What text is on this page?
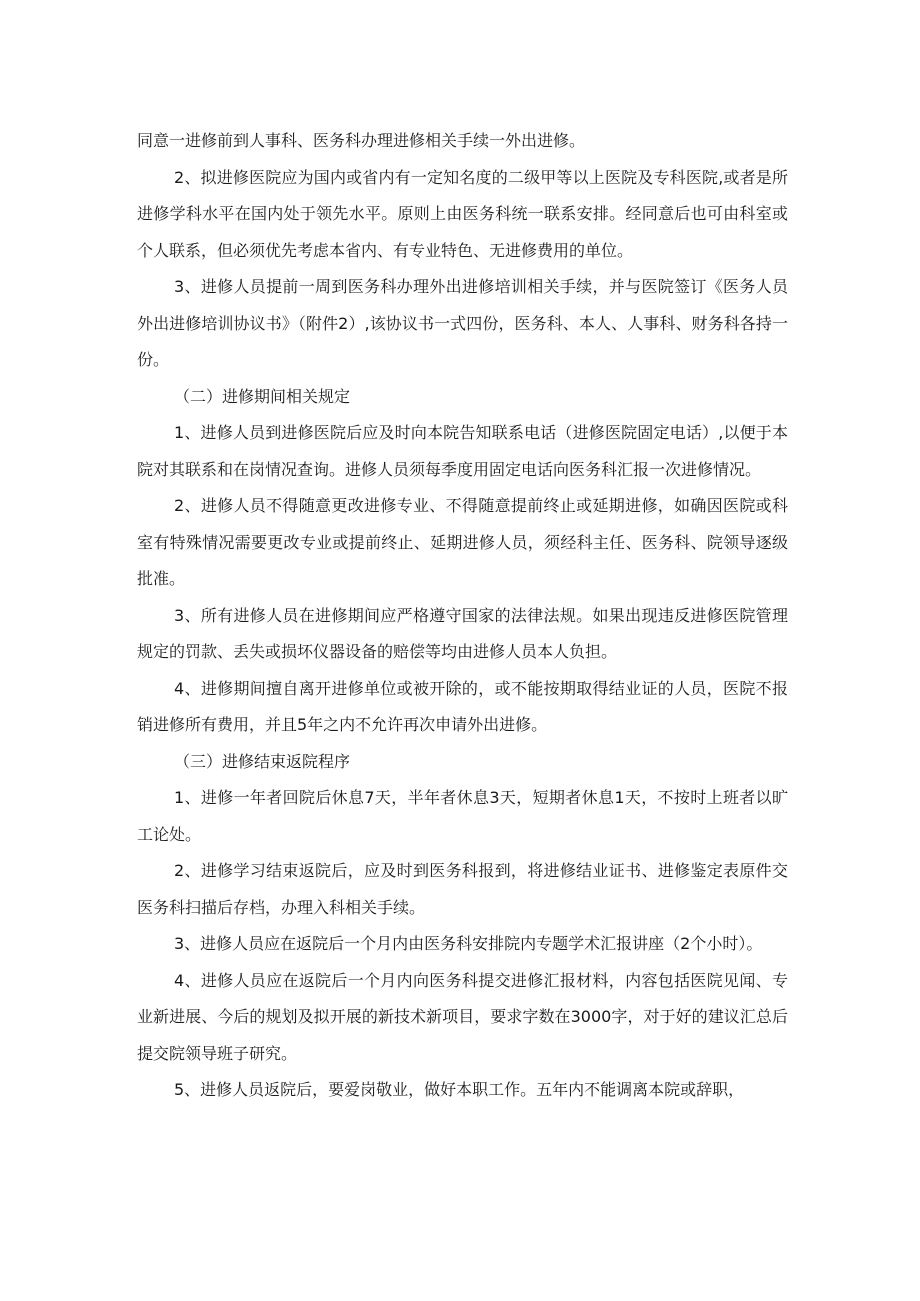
同意一进修前到人事科、医务科办理进修相关手续一外出进修。

2、拟进修医院应为国内或省内有一定知名度的二级甲等以上医院及专科医院,或者是所进修学科水平在国内处于领先水平。原则上由医务科统一联系安排。经同意后也可由科室或个人联系，但必须优先考虑本省内、有专业特色、无进修费用的单位。

3、进修人员提前一周到医务科办理外出进修培训相关手续，并与医院签订《医务人员外出进修培训协议书》（附件2）,该协议书一式四份，医务科、本人、人事科、财务科各持一份。

（二）进修期间相关规定

1、进修人员到进修医院后应及时向本院告知联系电话（进修医院固定电话）,以便于本院对其联系和在岗情况查询。进修人员须每季度用固定电话向医务科汇报一次进修情况。

2、进修人员不得随意更改进修专业、不得随意提前终止或延期进修，如确因医院或科室有特殊情况需要更改专业或提前终止、延期进修人员，须经科主任、医务科、院领导逐级批准。

3、所有进修人员在进修期间应严格遵守国家的法律法规。如果出现违反进修医院管理规定的罚款、丢失或损坏仪器设备的赔偿等均由进修人员本人负担。

4、进修期间擅自离开进修单位或被开除的，或不能按期取得结业证的人员，医院不报销进修所有费用，并且5年之内不允许再次申请外出进修。

（三）进修结束返院程序

1、进修一年者回院后休息7天，半年者休息3天，短期者休息1天，不按时上班者以旷工论处。

2、进修学习结束返院后，应及时到医务科报到，将进修结业证书、进修鉴定表原件交医务科扫描后存档，办理入科相关手续。

3、进修人员应在返院后一个月内由医务科安排院内专题学术汇报讲座（2个小时）。

4、进修人员应在返院后一个月内向医务科提交进修汇报材料，内容包括医院见闻、专业新进展、今后的规划及拟开展的新技术新项目，要求字数在3000字，对于好的建议汇总后提交院领导班子研究。

5、进修人员返院后，要爱岗敬业，做好本职工作。五年内不能调离本院或辞职，
